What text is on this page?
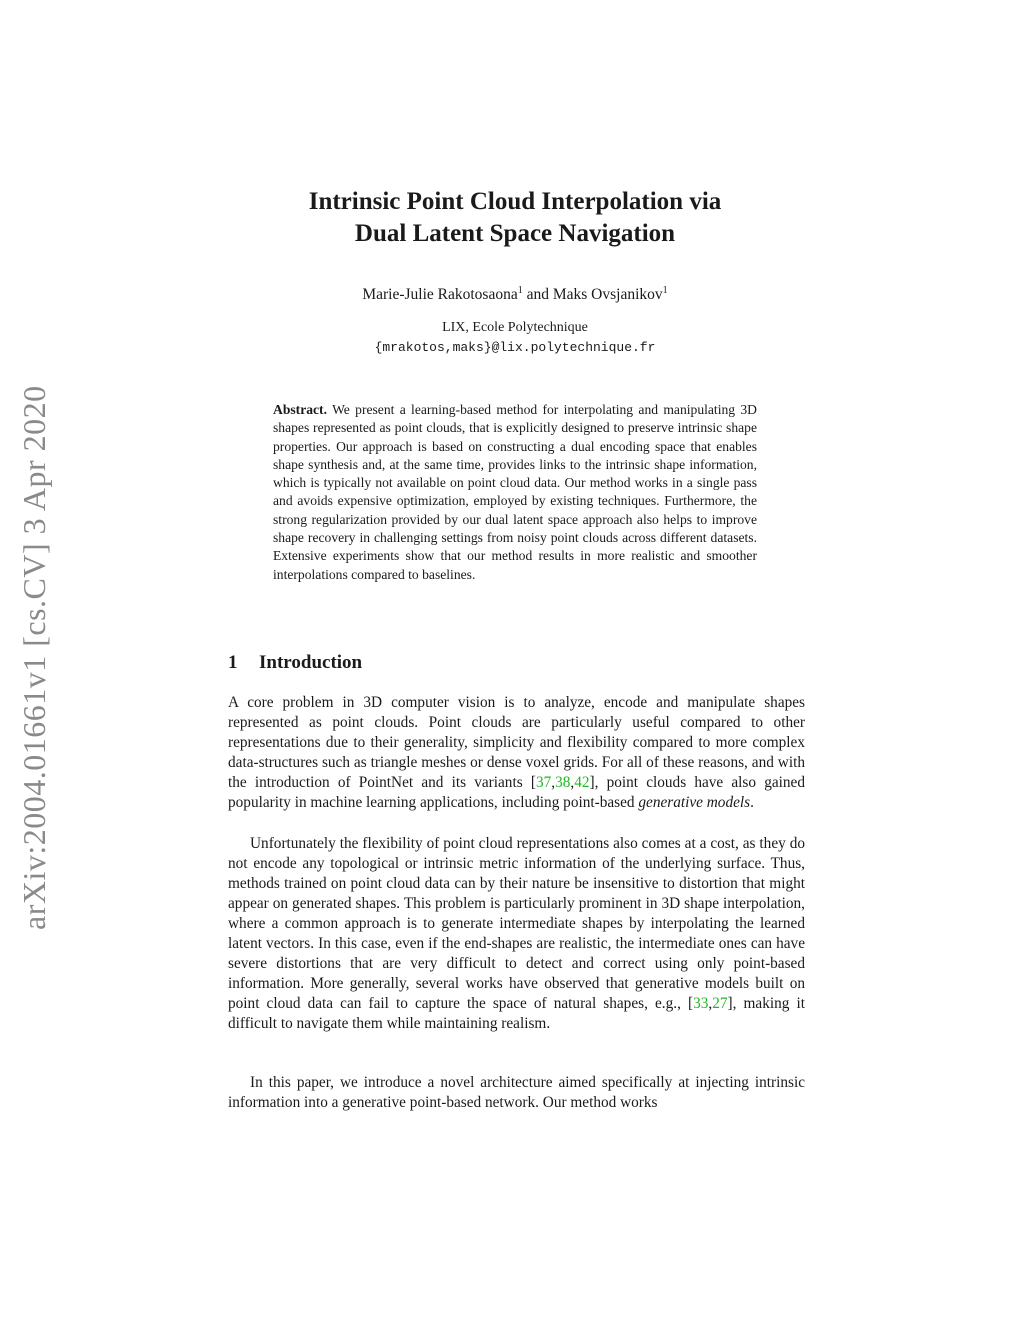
arXiv:2004.01661v1 [cs.CV] 3 Apr 2020
Intrinsic Point Cloud Interpolation via
Dual Latent Space Navigation
Marie-Julie Rakotosaona$^1$ and Maks Ovsjanikov$^1$
LIX, Ecole Polytechnique
{mrakotos,maks}@lix.polytechnique.fr
Abstract. We present a learning-based method for interpolating and manipulating 3D shapes represented as point clouds, that is explicitly designed to preserve intrinsic shape properties. Our approach is based on constructing a dual encoding space that enables shape synthesis and, at the same time, provides links to the intrinsic shape information, which is typically not available on point cloud data. Our method works in a single pass and avoids expensive optimization, employed by existing techniques. Furthermore, the strong regularization provided by our dual latent space approach also helps to improve shape recovery in challenging settings from noisy point clouds across different datasets. Extensive experiments show that our method results in more realistic and smoother interpolations compared to baselines.
1 Introduction

A core problem in 3D computer vision is to analyze, encode and manipulate shapes represented as point clouds. Point clouds are particularly useful compared to other representations due to their generality, simplicity and flexibility compared to more complex data-structures such as triangle meshes or dense voxel grids. For all of these reasons, and with the introduction of PointNet and its variants [37,38,42], point clouds have also gained popularity in machine learning applications, including point-based generative models.

Unfortunately the flexibility of point cloud representations also comes at a cost, as they do not encode any topological or intrinsic metric information of the underlying surface. Thus, methods trained on point cloud data can by their nature be insensitive to distortion that might appear on generated shapes. This problem is particularly prominent in 3D shape interpolation, where a common approach is to generate intermediate shapes by interpolating the learned latent vectors. In this case, even if the end-shapes are realistic, the intermediate ones can have severe distortions that are very difficult to detect and correct using only point-based information. More generally, several works have observed that generative models built on point cloud data can fail to capture the space of natural shapes, e.g., [33,27], making it difficult to navigate them while maintaining realism.

In this paper, we introduce a novel architecture aimed specifically at injecting intrinsic information into a generative point-based network. Our method works
